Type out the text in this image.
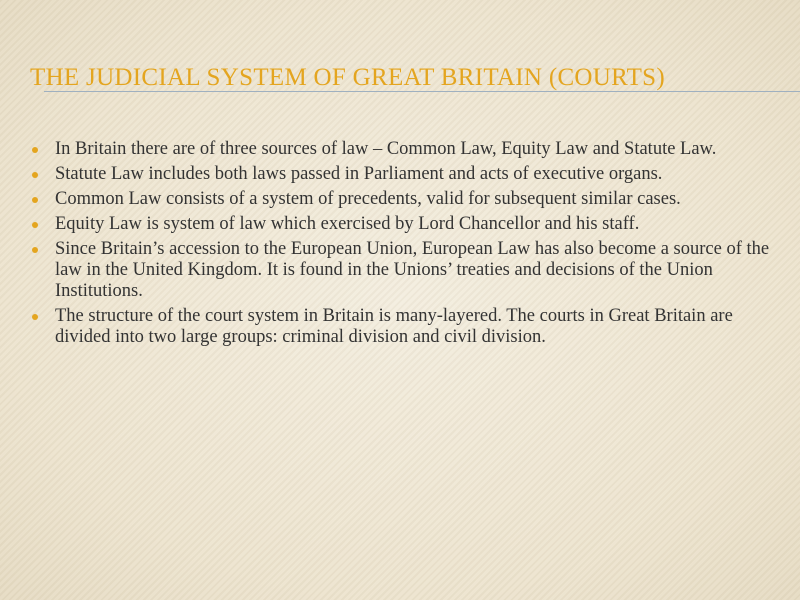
THE JUDICIAL SYSTEM OF GREAT BRITAIN (COURTS)
In Britain there are of three sources of law – Common Law, Equity Law and Statute Law.
Statute Law includes both laws passed in Parliament and acts of executive organs.
Common Law consists of a system of precedents, valid for subsequent similar cases.
Equity Law is system of law which exercised by Lord Chancellor and his staff.
Since Britain’s accession to the European Union, European Law has also become a source of the law in the United Kingdom. It is found in the Unions’ treaties and decisions of the Union Institutions.
The structure of the court system in Britain is many-layered. The courts in Great Britain are divided into two large groups: criminal division and civil division.
